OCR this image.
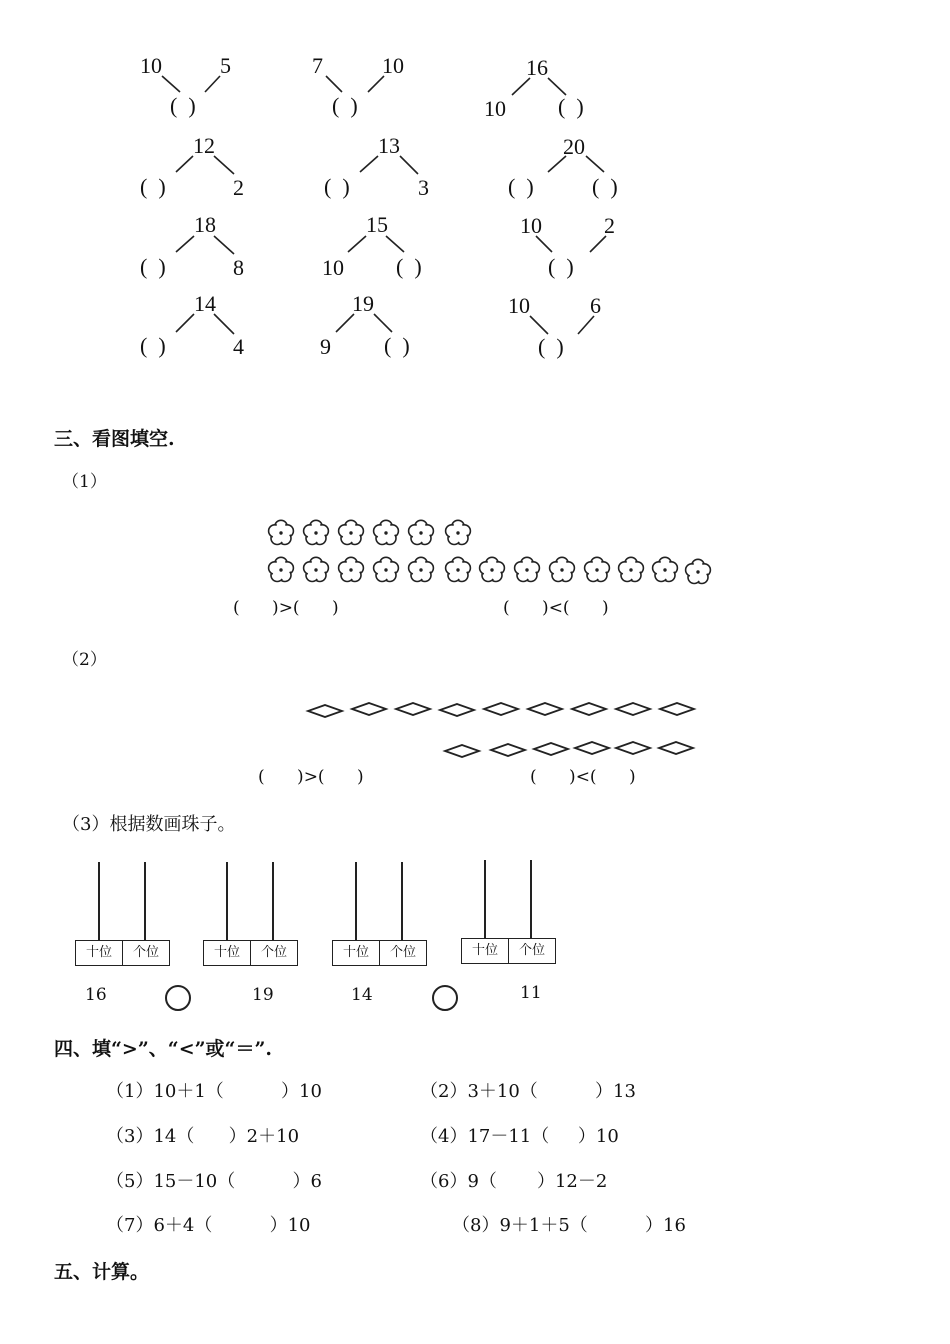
10	5
(  )
7	10
(  )
16
10 (  )
12
(  )	2
13
(  )	3
20
(  )	(  )
18
(  )	8
15
10 (  )
10	2
(  )
14
(  )	4
19
9 (  )
10	6
(  )
三、看图填空.
（1）
(      )>(      )	(      )<(      )
（2）
(      )>(      )	(      )<(      )
（3）根据数画珠子。
十位	个位
16
十位	个位
19
十位	个位
14
十位	个位
11
四、填“>”、“<”或“＝”.
（1）10＋1（          ）10	（2）3＋10（          ）13
（3）14（      ）2＋10	（4）17－11（     ）10
（5）15－10（          ）6	（6）9（       ）12－2
（7）6＋4（          ）10	（8）9＋1＋5（          ）16
五、计算。
